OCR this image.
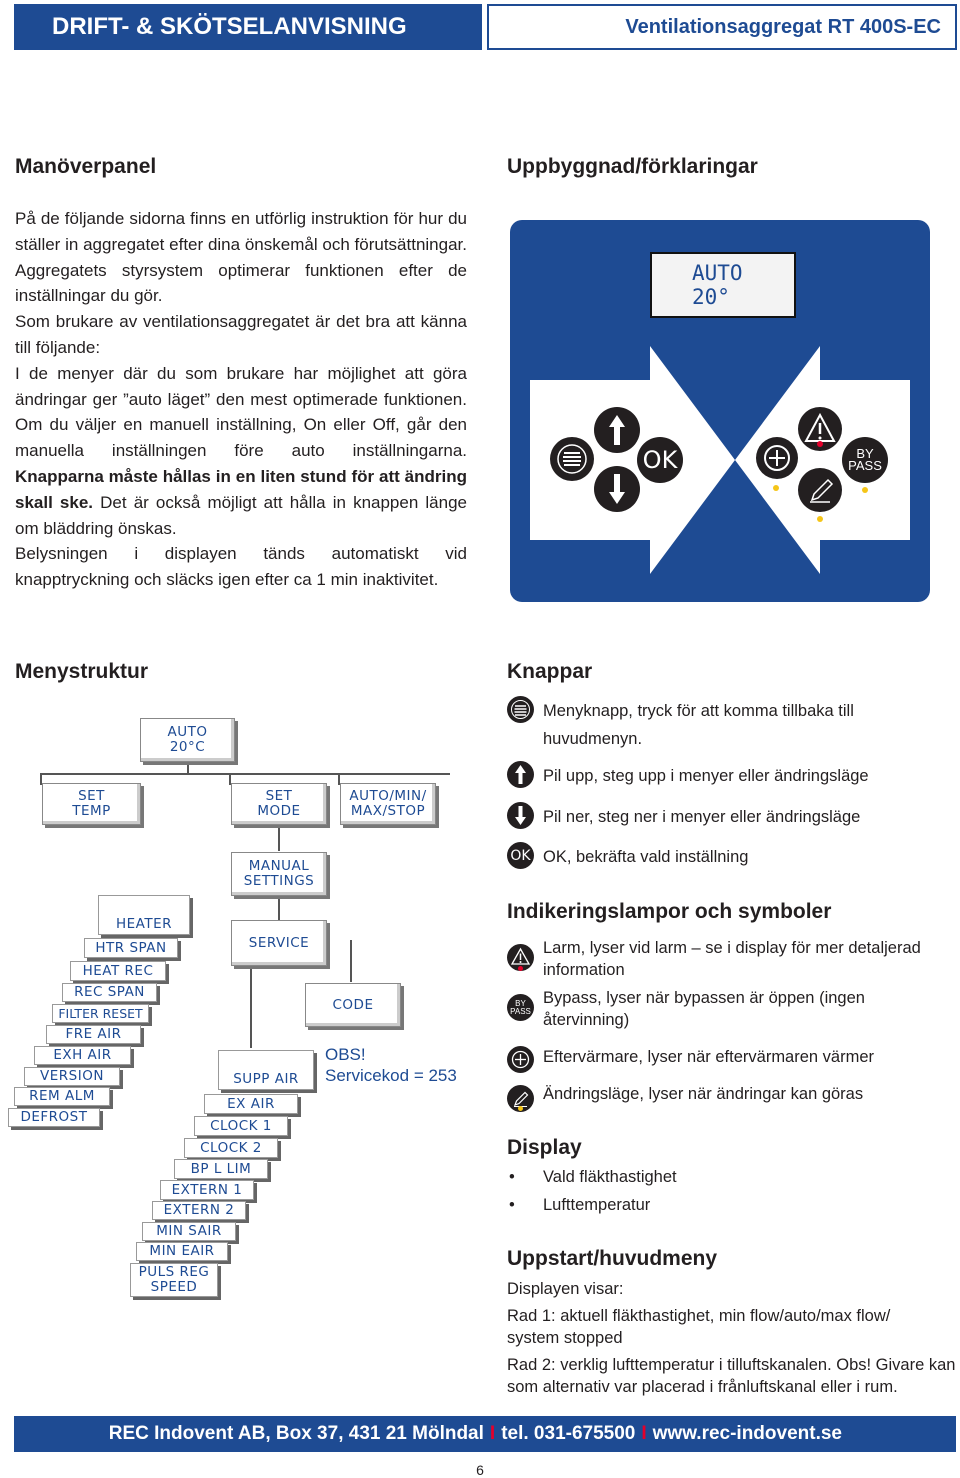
DRIFT- & SKÖTSELANVISNING	Ventilationsaggregat RT 400S-EC
Manöverpanel	Uppbyggnad/förklaringar
På de följande sidorna finns en utförlig instruktion för hur du ställer in aggregatet efter dina önskemål och förutsättningar. Aggregatets styrsystem optimerar funktionen efter de inställningar du gör.
Som brukare av ventilationsaggregatet är det bra att känna till följande:
I de menyer där du som brukare har möjlighet att göra ändringar ger ”auto läget” den mest optimerade funktionen. Om du väljer en manuell inställning, On eller Off, går den manuella inställningen före auto inställningarna. Knapparna måste hållas in en liten stund för att ändring skall ske. Det är också möjligt att hålla in knappen länge om bläddring önskas.
Belysningen i displayen tänds automatiskt vid knapptryckning och släcks igen efter ca 1 min inaktivitet.
AUTO
20°
OK	BY
PASS
Menystruktur
AUTO
20°C
SET
TEMP
SET
MODE
AUTO/MIN/
MAX/STOP
MANUAL
SETTINGS
SERVICE
CODE
OBS!
Servicekod = 253
HEATER
HTR SPAN
HEAT REC
REC SPAN
FILTER RESET
FRE AIR
EXH AIR
VERSION
REM ALM
DEFROST
SUPP AIR
EX AIR
CLOCK 1
CLOCK 2
BP L LIM
EXTERN 1
EXTERN 2
MIN SAIR
MIN EAIR
PULS REG
SPEED
Knappar
Menyknapp, tryck för att komma tillbaka till huvudmenyn.
Pil upp, steg upp i menyer eller ändringsläge
Pil ner, steg ner i menyer eller ändringsläge
OK OK, bekräfta vald inställning
Indikeringslampor och symboler
Larm, lyser vid larm – se i display för mer detaljerad information
BY
PASS
Bypass, lyser när bypassen är öppen (ingen återvinning)
Eftervärmare, lyser när eftervärmaren värmer
Ändringsläge, lyser när ändringar kan göras
Display
• Vald fläkthastighet
• Lufttemperatur
Uppstart/huvudmeny
Displayen visar:
Rad 1: aktuell fläkthastighet, min flow/auto/max flow/ system stopped
Rad 2: verklig lufttemperatur i tilluftskanalen. Obs! Givare kan som alternativ var placerad i frånluftskanal eller i rum.
REC Indovent AB, Box 37, 431 21 Mölndal I tel. 031-675500 I www.rec-indovent.se
6
